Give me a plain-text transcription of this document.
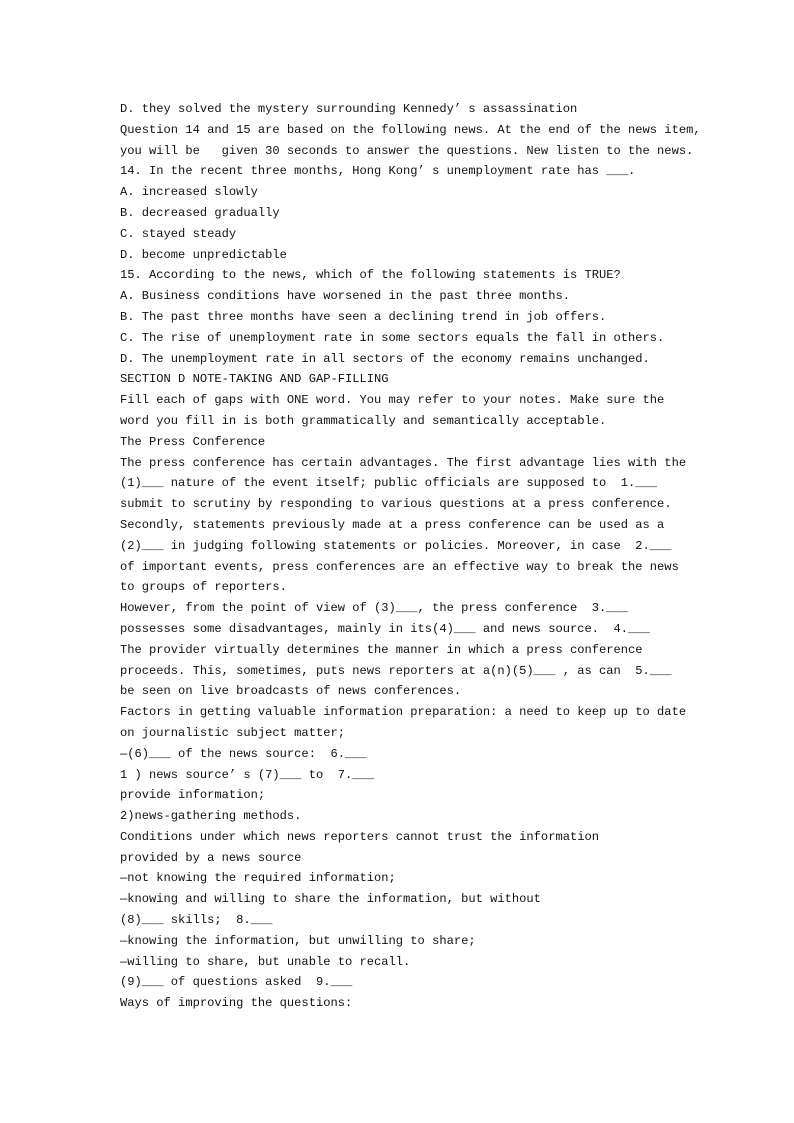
D. they solved the mystery surrounding Kennedy’ s assassination
Question 14 and 15 are based on the following news. At the end of the news item,
you will be   given 30 seconds to answer the questions. New listen to the news.
14. In the recent three months, Hong Kong’ s unemployment rate has ___.
A. increased slowly
B. decreased gradually
C. stayed steady
D. become unpredictable
15. According to the news, which of the following statements is TRUE?
A. Business conditions have worsened in the past three months.
B. The past three months have seen a declining trend in job offers.
C. The rise of unemployment rate in some sectors equals the fall in others.
D. The unemployment rate in all sectors of the economy remains unchanged.
SECTION D NOTE-TAKING AND GAP-FILLING
Fill each of gaps with ONE word. You may refer to your notes. Make sure the
word you fill in is both grammatically and semantically acceptable.
The Press Conference
The press conference has certain advantages. The first advantage lies with the
(1)___ nature of the event itself; public officials are supposed to  1.___
submit to scrutiny by responding to various questions at a press conference.
Secondly, statements previously made at a press conference can be used as a
(2)___ in judging following statements or policies. Moreover, in case  2.___
of important events, press conferences are an effective way to break the news
to groups of reporters.
However, from the point of view of (3)___, the press conference  3.___
possesses some disadvantages, mainly in its(4)___ and news source.  4.___
The provider virtually determines the manner in which a press conference
proceeds. This, sometimes, puts news reporters at a(n)(5)___ , as can  5.___
be seen on live broadcasts of news conferences.
Factors in getting valuable information preparation: a need to keep up to date
on journalistic subject matter;
—(6)___ of the news source:  6.___
1 ) news source’ s (7)___ to  7.___
provide information;
2)news-gathering methods.
Conditions under which news reporters cannot trust the information
provided by a news source
—not knowing the required information;
—knowing and willing to share the information, but without
(8)___ skills;  8.___
—knowing the information, but unwilling to share;
—willing to share, but unable to recall.
(9)___ of questions asked  9.___
Ways of improving the questions:
